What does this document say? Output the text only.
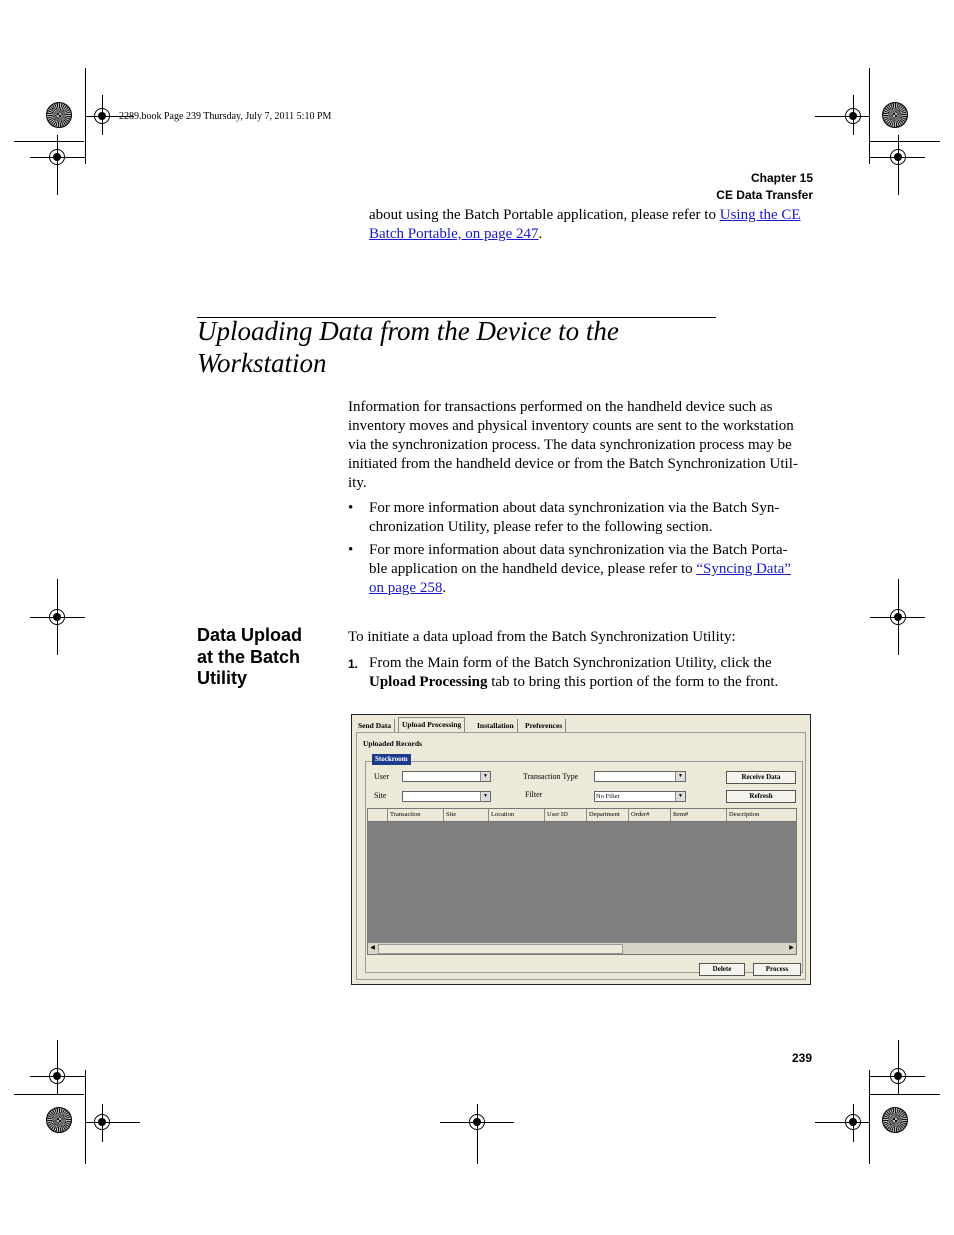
2289.book Page 239 Thursday, July 7, 2011 5:10 PM
Chapter 15
CE Data Transfer
about using the Batch Portable application, please refer to Using the CE
Batch Portable, on page 247.
Uploading Data from the Device to the
Workstation
Information for transactions performed on the handheld device such as
inventory moves and physical inventory counts are sent to the workstation
via the synchronization process. The data synchronization process may be
initiated from the handheld device or from the Batch Synchronization Util-
ity.
• For more information about data synchronization via the Batch Syn-
chronization Utility, please refer to the following section.
• For more information about data synchronization via the Batch Porta-
ble application on the handheld device, please refer to “Syncing Data”
on page 258.
Data Upload
at the Batch
Utility
To initiate a data upload from the Batch Synchronization Utility:
1. From the Main form of the Batch Synchronization Utility, click the
Upload Processing tab to bring this portion of the form to the front.
Send Data	Upload Processing	Installation	Preferences
Uploaded Records
Stockroom
User	▼
Site	▼
Transaction Type	▼
Filter	No Filter	▼
Receive Data
Refresh
Transaction	Site	Location	User ID	Department	Order#	Item#	Description
◀	▶
Delete	Process
239
